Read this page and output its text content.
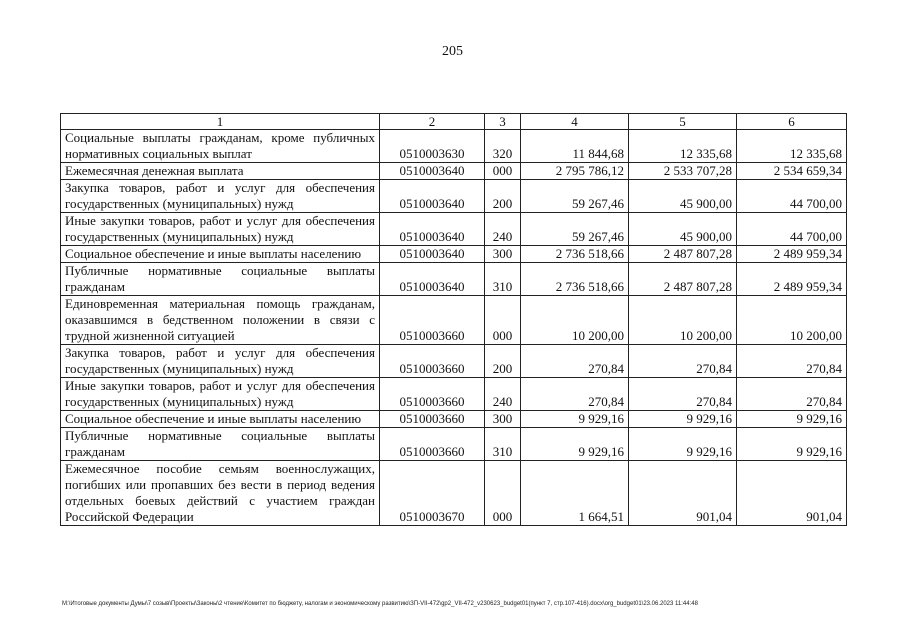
205
1	2	3	4	5	6
Социальные выплаты гражданам, кроме публичных нормативных социальных выплат	0510003630	320	11 844,68	12 335,68	12 335,68
Ежемесячная денежная выплата	0510003640	000	2 795 786,12	2 533 707,28	2 534 659,34
Закупка товаров, работ и услуг для обеспечения государственных (муниципальных) нужд	0510003640	200	59 267,46	45 900,00	44 700,00
Иные закупки товаров, работ и услуг для обеспечения государственных (муниципальных) нужд	0510003640	240	59 267,46	45 900,00	44 700,00
Социальное обеспечение и иные выплаты населению	0510003640	300	2 736 518,66	2 487 807,28	2 489 959,34
Публичные нормативные социальные выплаты гражданам	0510003640	310	2 736 518,66	2 487 807,28	2 489 959,34
Единовременная материальная помощь гражданам, оказавшимся в бедственном положении в связи с трудной жизненной ситуацией	0510003660	000	10 200,00	10 200,00	10 200,00
Закупка товаров, работ и услуг для обеспечения государственных (муниципальных) нужд	0510003660	200	270,84	270,84	270,84
Иные закупки товаров, работ и услуг для обеспечения государственных (муниципальных) нужд	0510003660	240	270,84	270,84	270,84
Социальное обеспечение и иные выплаты населению	0510003660	300	9 929,16	9 929,16	9 929,16
Публичные нормативные социальные выплаты гражданам	0510003660	310	9 929,16	9 929,16	9 929,16
Ежемесячное пособие семьям военнослужащих, погибших или пропавших без вести в период ведения отдельных боевых действий с участием граждан Российской Федерации	0510003670	000	1 664,51	901,04	901,04
M:\Итоговые документы Думы\7 созыв\Проекты\Законы\2 чтение\Комитет по бюджету, налогам и экономическому развитию\ЗП-VII-472\gp2_VII-472_v230623_budget01(пункт 7, стр.107-416).docx\org_budget01\23.06.2023 11:44:48
